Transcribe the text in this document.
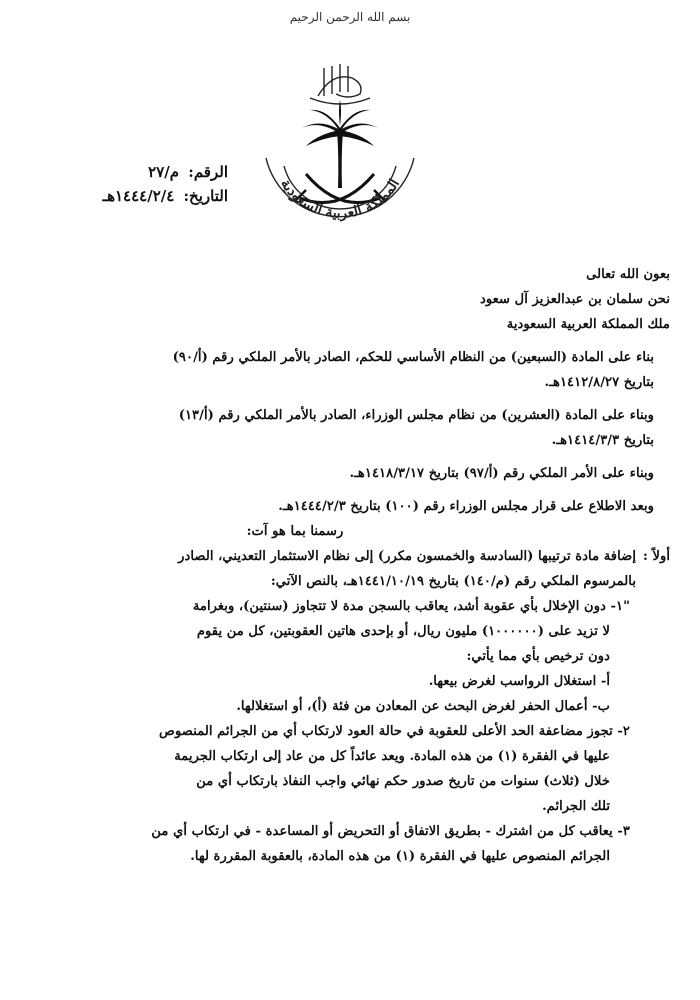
بسم الله الرحمن الرحيم
المملكة العربية السعودية
الرقم: م/٢٧
التاريخ: ١٤٤٤/٢/٤هـ

بعون الله تعالى

نحن سلمان بن عبدالعزيز آل سعود

ملك المملكة العربية السعودية

بناء على المادة (السبعين) من النظام الأساسي للحكم، الصادر بالأمر الملكي رقم (أ/٩٠)

بتاريخ ١٤١٢/٨/٢٧هـ.

وبناء على المادة (العشرين) من نظام مجلس الوزراء، الصادر بالأمر الملكي رقم (أ/١٣)

بتاريخ ١٤١٤/٣/٣هـ.

وبناء على الأمر الملكي رقم (أ/٩٧) بتاريخ ١٤١٨/٣/١٧هـ.

وبعد الاطلاع على قرار مجلس الوزراء رقم (١٠٠) بتاريخ ١٤٤٤/٢/٣هـ.

رسمنا بما هو آت:

أولاً :

إضافة مادة ترتيبها (السادسة والخمسون مكرر) إلى نظام الاستثمار التعديني، الصادر

بالمرسوم الملكي رقم (م/١٤٠) بتاريخ ١٤٤١/١٠/١٩هـ، بالنص الآتي:

"١- دون الإخلال بأي عقوبة أشد، يعاقب بالسجن مدة لا تتجاوز (سنتين)، وبغرامة

لا تزيد على (١٠٠٠٠٠٠) مليون ريال، أو بإحدى هاتين العقوبتين، كل من يقوم

دون ترخيص بأي مما يأتي:

أ- استغلال الرواسب لغرض بيعها.

ب- أعمال الحفر لغرض البحث عن المعادن من فئة (أ)، أو استغلالها.

٢- تجوز مضاعفة الحد الأعلى للعقوبة في حالة العود لارتكاب أي من الجرائم المنصوص

عليها في الفقرة (١) من هذه المادة. ويعد عائداً كل من عاد إلى ارتكاب الجريمة

خلال (ثلاث) سنوات من تاريخ صدور حكم نهائي واجب النفاذ بارتكاب أي من

تلك الجرائم.

٣- يعاقب كل من اشترك - بطريق الاتفاق أو التحريض أو المساعدة - في ارتكاب أي من

الجرائم المنصوص عليها في الفقرة (١) من هذه المادة، بالعقوبة المقررة لها.
